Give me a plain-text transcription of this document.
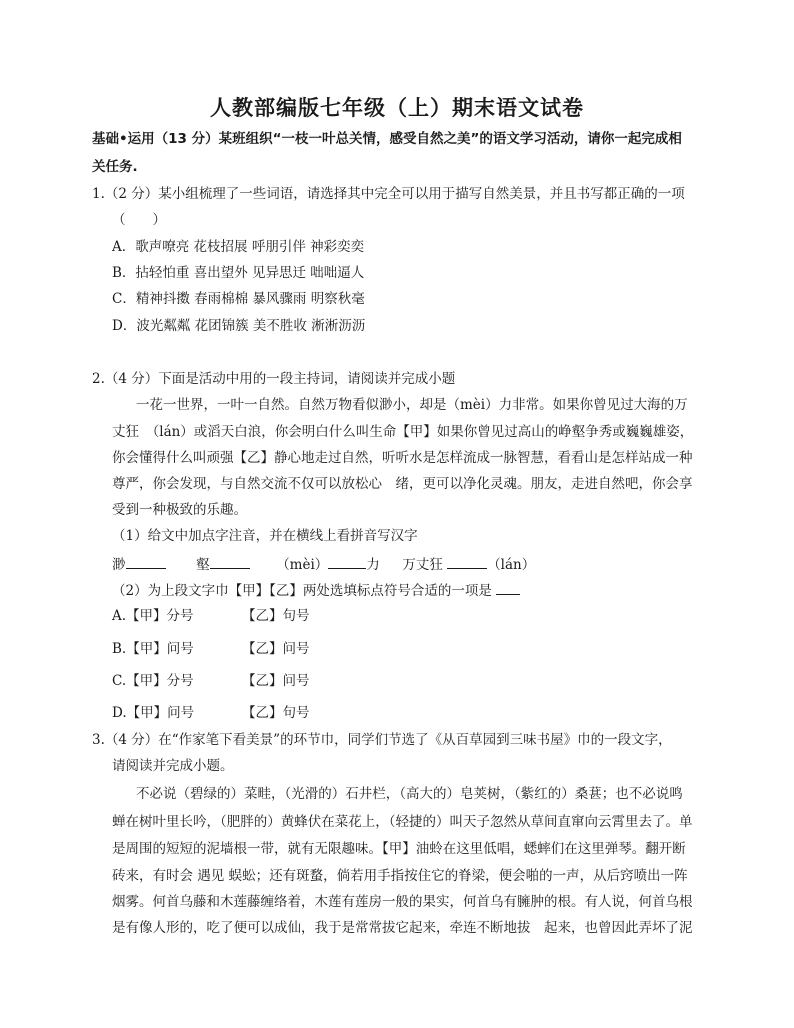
人教部编版七年级（上）期末语文试卷
基础•运用（13 分）某班组织“一枝一叶总关情，感受自然之美”的语文学习活动，请你一起完成相
关任务.
1.（2 分）某小组梳理了一些词语，请选择其中完全可以用于描写自然美景，并且书写都正确的一项
（　　）
A．歌声嘹亮 花枝招展 呼朋引伴 神彩奕奕
B．拈轻怕重 喜出望外 见异思迁 咄咄逼人
C．精神抖擞 春雨棉棉 暴风骤雨 明察秋毫
D．波光粼粼 花团锦簇 美不胜收 淅淅沥沥
2.（4 分）下面是活动中用的一段主持词，请阅读并完成小题
一花一世界，一叶一自然。自然万物看似渺小，却是（mèi）力非常。如果你曾见过大海的万
丈狂　（lán）或滔天白浪，你会明白什么叫生命【甲】如果你曾见过高山的峥壑争秀或巍巍雄姿，
你会懂得什么叫顽强【乙】静心地走过自然，听听水是怎样流成一脉智慧，看看山是怎样站成一种
尊严，你会发现，与自然交流不仅可以放松心　绪，更可以净化灵魂。朋友，走进自然吧，你会享
受到一种极致的乐趣。
（1）给文中加点字注音，并在横线上看拼音写汉字
渺	壑	（mèi）	力 万丈狂	（lán）
（2）为上段文字巾【甲】【乙】两处选填标点符号合适的一项是
A.【甲】分号	【乙】句号
B.【甲】问号	【乙】问号
C.【甲】分号	【乙】问号
D.【甲】问号	【乙】句号
3.（4 分）在“作家笔下看美景”的环节巾，同学们节选了《从百草园到三味书屋》巾的一段文字，
请阅读并完成小题。
不必说（碧绿的）菜畦，（光滑的）石井栏，（高大的）皂荚树，（紫红的）桑葚；也不必说鸣
蝉在树叶里长吟，（肥胖的）黄蜂伏在菜花上，（轻捷的）叫天子忽然从草间直窜向云霄里去了。单
是周围的短短的泥墙根一带，就有无限趣味。【甲】油蛉在这里低唱，蟋蟀们在这里弹琴。翻开断
砖来，有时会 遇见 蜈蚣；还有斑蝥，倘若用手指按住它的脊梁，便会啪的一声，从后窍喷出一阵
烟雾。何首乌藤和木莲藤缠络着，木莲有莲房一般的果实，何首乌有臃肿的根。有人说，何首乌根
是有像人形的，吃了便可以成仙，我于是常常拔它起来，牵连不断地拔　起来，也曾因此弄坏了泥
